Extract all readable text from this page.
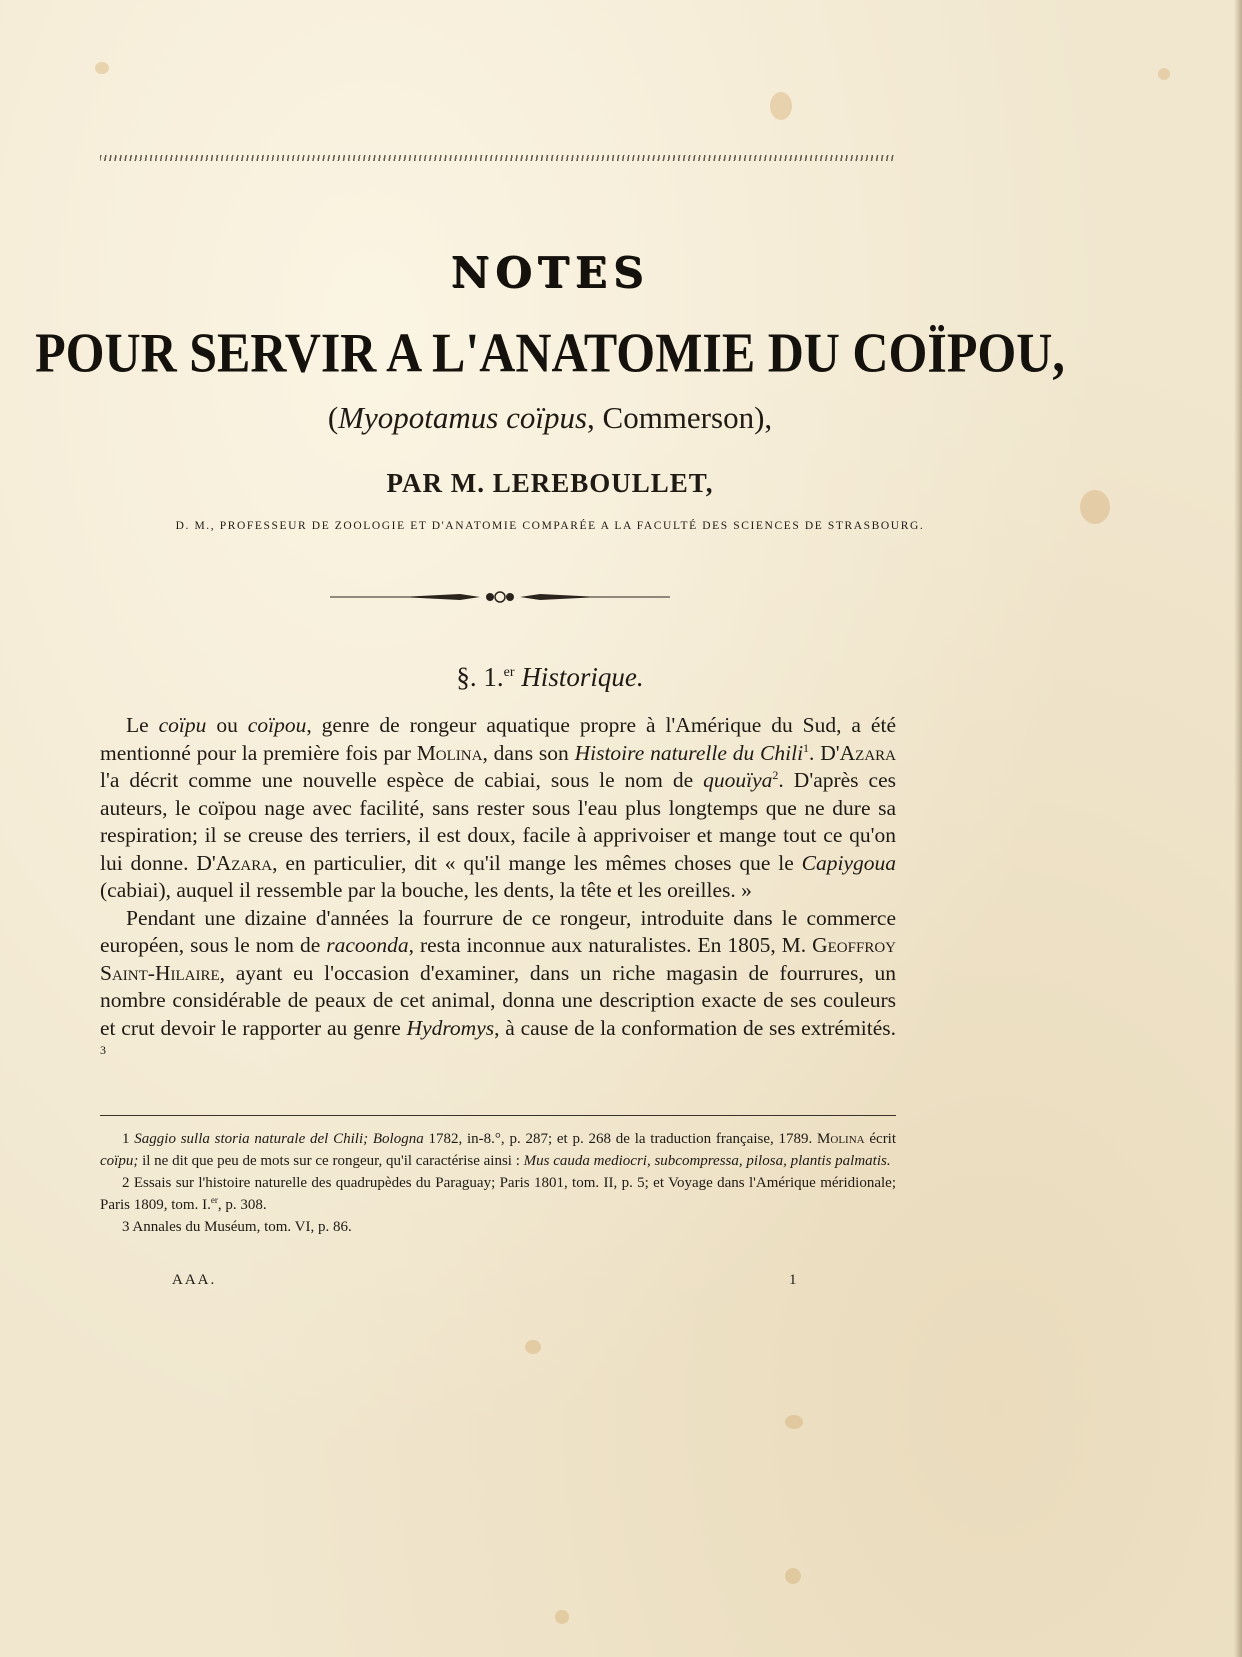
NOTES
POUR SERVIR A L'ANATOMIE DU COÏPOU,
(Myopotamus coïpus, Commerson),
PAR M. LEREBOULLET,
D. M., PROFESSEUR DE ZOOLOGIE ET D'ANATOMIE COMPARÉE A LA FACULTÉ DES SCIENCES DE STRASBOURG.
§. 1.$^{er}$ Historique.

Le coïpu ou coïpou, genre de rongeur aquatique propre à l'Amérique du Sud, a été mentionné pour la première fois par Molina, dans son Histoire naturelle du Chili$^1$. D'Azara l'a décrit comme une nouvelle espèce de cabiai, sous le nom de quouïya$^2$. D'après ces auteurs, le coïpou nage avec facilité, sans rester sous l'eau plus longtemps que ne dure sa respiration; il se creuse des terriers, il est doux, facile à apprivoiser et mange tout ce qu'on lui donne. D'Azara, en particulier, dit « qu'il mange les mêmes choses que le Capiygoua (cabiai), auquel il ressemble par la bouche, les dents, la tête et les oreilles. »

Pendant une dizaine d'années la fourrure de ce rongeur, introduite dans le commerce européen, sous le nom de racoonda, resta inconnue aux naturalistes. En 1805, M. Geoffroy Saint-Hilaire, ayant eu l'occasion d'examiner, dans un riche magasin de fourrures, un nombre considérable de peaux de cet animal, donna une description exacte de ses couleurs et crut devoir le rapporter au genre Hydromys, à cause de la conformation de ses extrémités. $^3$

1 Saggio sulla storia naturale del Chili; Bologna 1782, in-8.°, p. 287; et p. 268 de la traduction française, 1789. Molina écrit coïpu; il ne dit que peu de mots sur ce rongeur, qu'il caractérise ainsi : Mus cauda mediocri, subcompressa, pilosa, plantis palmatis.

2 Essais sur l'histoire naturelle des quadrupèdes du Paraguay; Paris 1801, tom. II, p. 5; et Voyage dans l'Amérique méridionale; Paris 1809, tom. I.$^{er}$, p. 308.

3 Annales du Muséum, tom. VI, p. 86.

AAA.	1
